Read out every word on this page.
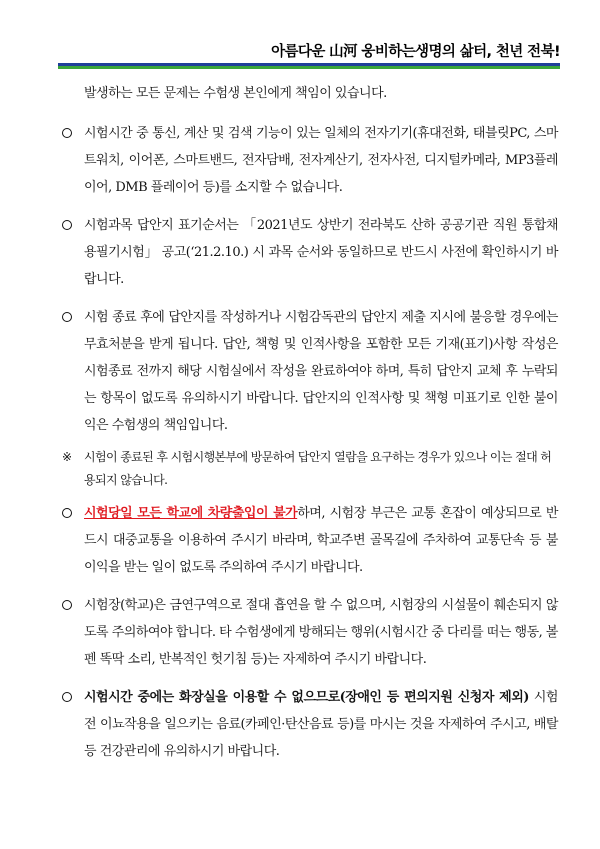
아름다운 山河 웅비하는생명의 삶터, 천년 전북!
발생하는 모든 문제는 수험생 본인에게 책임이 있습니다.
시험시간 중 통신, 계산 및 검색 기능이 있는 일체의 전자기기(휴대전화, 태블릿PC, 스마트워치, 이어폰, 스마트밴드, 전자담배, 전자계산기, 전자사전, 디지털카메라, MP3플레이어, DMB 플레이어 등)를 소지할 수 없습니다.
시험과목 답안지 표기순서는 「2021년도 상반기 전라북도 산하 공공기관 직원 통합채용필기시험」 공고(‘21.2.10.) 시 과목 순서와 동일하므로 반드시 사전에 확인하시기 바랍니다.
시험 종료 후에 답안지를 작성하거나 시험감독관의 답안지 제출 지시에 불응할 경우에는 무효처분을 받게 됩니다. 답안, 책형 및 인적사항을 포함한 모든 기재(표기)사항 작성은 시험종료 전까지 해당 시험실에서 작성을 완료하여야 하며, 특히 답안지 교체 후 누락되는 항목이 없도록 유의하시기 바랍니다. 답안지의 인적사항 및 책형 미표기로 인한 불이익은 수험생의 책임입니다.
※ 시험이 종료된 후 시험시행본부에 방문하여 답안지 열람을 요구하는 경우가 있으나 이는 절대 허용되지 않습니다.
시험당일 모든 학교에 차량출입이 불가하며, 시험장 부근은 교통 혼잡이 예상되므로 반드시 대중교통을 이용하여 주시기 바라며, 학교주변 골목길에 주차하여 교통단속 등 불이익을 받는 일이 없도록 주의하여 주시기 바랍니다.
시험장(학교)은 금연구역으로 절대 흡연을 할 수 없으며, 시험장의 시설물이 훼손되지 않도록 주의하여야 합니다. 타 수험생에게 방해되는 행위(시험시간 중 다리를 떠는 행동, 볼펜 똑딱 소리, 반복적인 헛기침 등)는 자제하여 주시기 바랍니다.
시험시간 중에는 화장실을 이용할 수 없으므로(장애인 등 편의지원 신청자 제외) 시험 전 이뇨작용을 일으키는 음료(카페인·탄산음료 등)를 마시는 것을 자제하여 주시고, 배탈 등 건강관리에 유의하시기 바랍니다.
